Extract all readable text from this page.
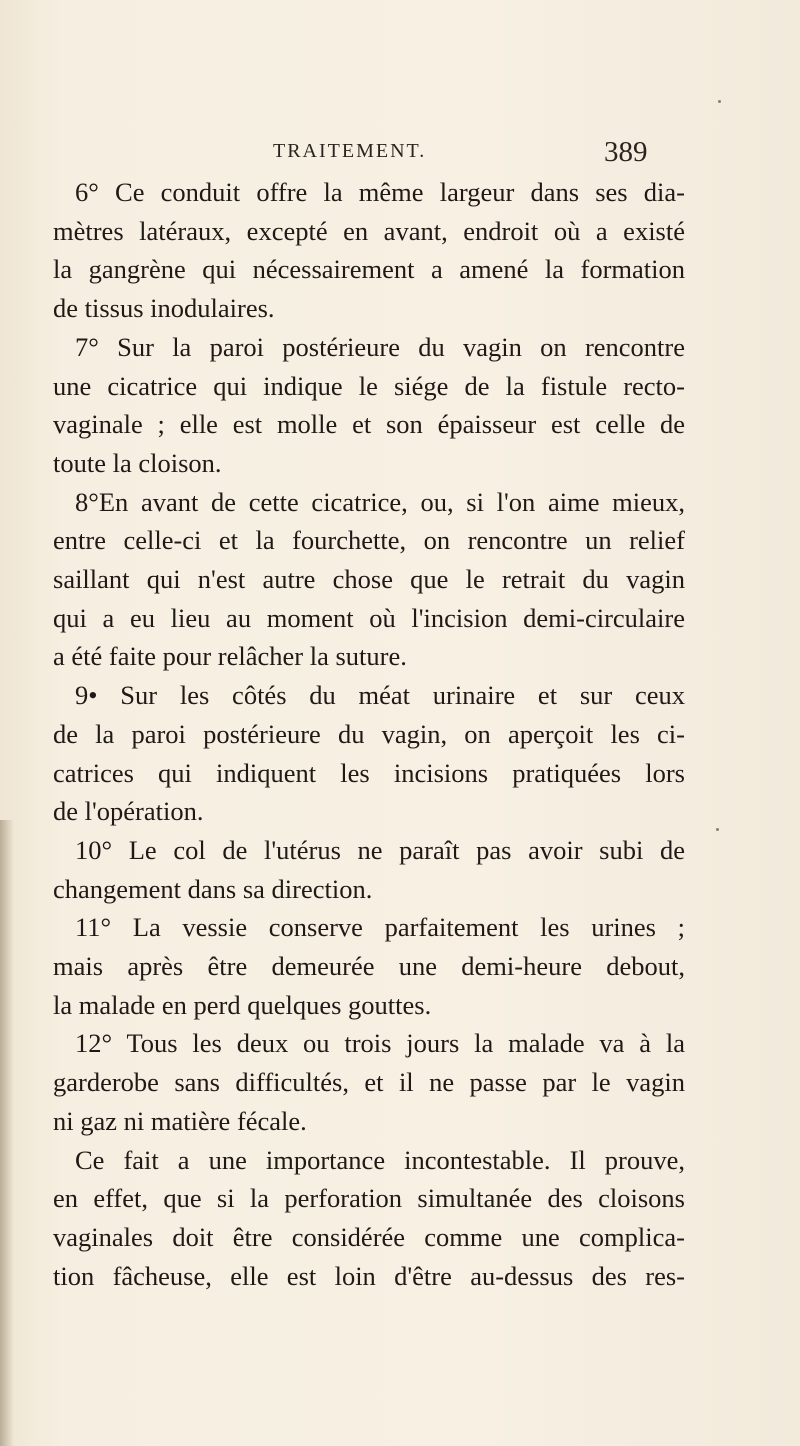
TRAITEMENT.	389

6° Ce conduit offre la même largeur dans ses dia-
mètres latéraux, excepté en avant, endroit où a existé
la gangrène qui nécessairement a amené la formation
de tissus inodulaires.

7° Sur la paroi postérieure du vagin on rencontre
une cicatrice qui indique le siége de la fistule recto-
vaginale ; elle est molle et son épaisseur est celle de
toute la cloison.

8°En avant de cette cicatrice, ou, si l'on aime mieux,
entre celle-ci et la fourchette, on rencontre un relief
saillant qui n'est autre chose que le retrait du vagin
qui a eu lieu au moment où l'incision demi-circulaire
a été faite pour relâcher la suture.

9• Sur les côtés du méat urinaire et sur ceux
de la paroi postérieure du vagin, on aperçoit les ci-
catrices qui indiquent les incisions pratiquées lors
de l'opération.

10° Le col de l'utérus ne paraît pas avoir subi de
changement dans sa direction.

11° La vessie conserve parfaitement les urines ;
mais après être demeurée une demi-heure debout,
la malade en perd quelques gouttes.

12° Tous les deux ou trois jours la malade va à la
garderobe sans difficultés, et il ne passe par le vagin
ni gaz ni matière fécale.

Ce fait a une importance incontestable. Il prouve,
en effet, que si la perforation simultanée des cloisons
vaginales doit être considérée comme une complica-
tion fâcheuse, elle est loin d'être au-dessus des res-
